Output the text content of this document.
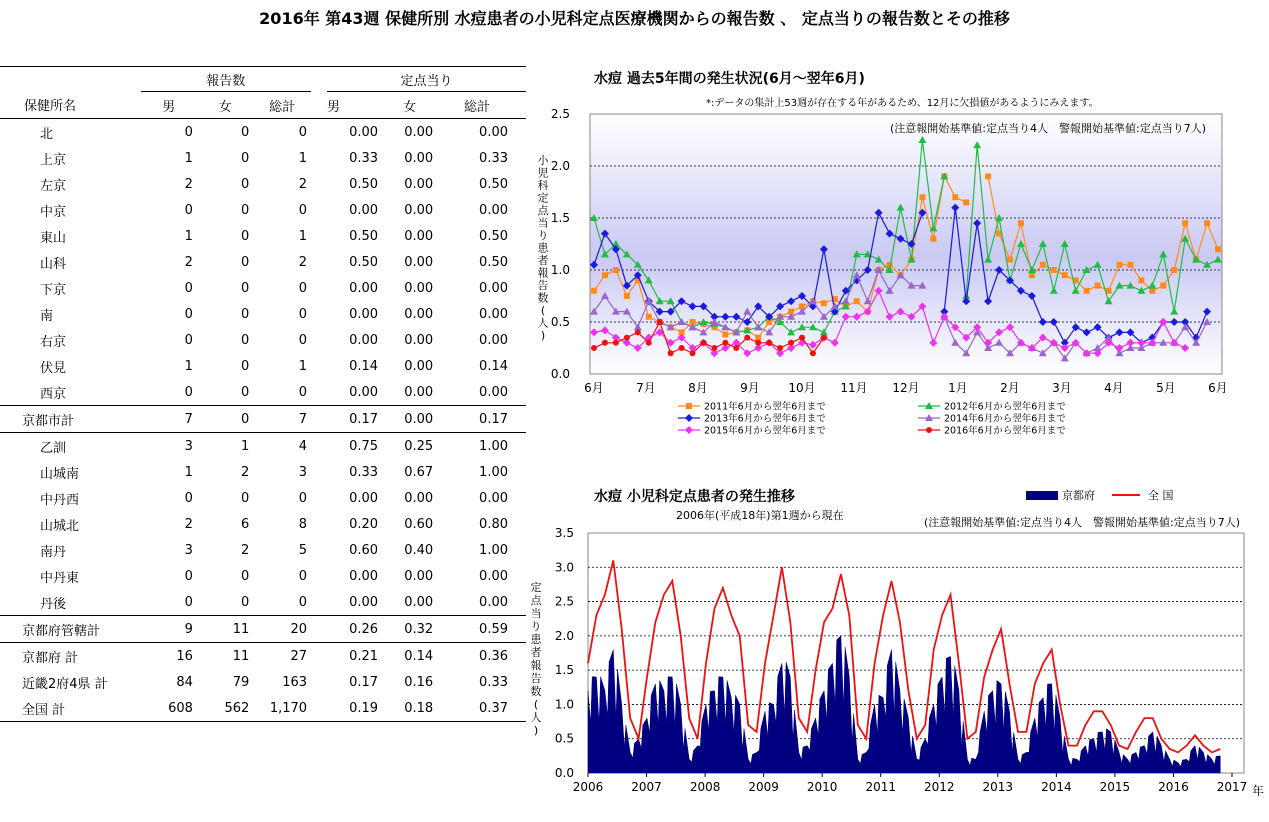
2016年 第43週 保健所別 水痘患者の小児科定点医療機関からの報告数 、 定点当りの報告数とその推移
	報告数				定点当り		
保健所名	男	女	総計		男	女	総計
北	0	0	0		0.00	0.00	0.00
上京	1	0	1		0.33	0.00	0.33
左京	2	0	2		0.50	0.00	0.50
中京	0	0	0		0.00	0.00	0.00
東山	1	0	1		0.50	0.00	0.50
山科	2	0	2		0.50	0.00	0.50
下京	0	0	0		0.00	0.00	0.00
南	0	0	0		0.00	0.00	0.00
右京	0	0	0		0.00	0.00	0.00
伏見	1	0	1		0.14	0.00	0.14
西京	0	0	0		0.00	0.00	0.00
京都市計	7	0	7		0.17	0.00	0.17
乙訓	3	1	4		0.75	0.25	1.00
山城南	1	2	3		0.33	0.67	1.00
中丹西	0	0	0		0.00	0.00	0.00
山城北	2	6	8		0.20	0.60	0.80
南丹	3	2	5		0.60	0.40	1.00
中丹東	0	0	0		0.00	0.00	0.00
丹後	0	0	0		0.00	0.00	0.00
京都府管轄計	9	11	20		0.26	0.32	0.59
京都府 計	16	11	27		0.21	0.14	0.36
近畿2府4県 計	84	79	163		0.17	0.16	0.33
全国 計	608	562	1,170		0.19	0.18	0.37
水痘 過去5年間の発生状況(6月～翌年6月)
*:データの集計上53週が存在する年があるため、12月に欠損値があるようにみえます。
0.0
0.5
1.0
1.5
2.0
2.5
6月	7月	8月	9月 10月 11月 12月 1月	2月	3月	4月	5月	6月
(注意報開始基準値:定点当り4人　警報開始基準値:定点当り7人)
小
児
科
定
点
当
り
患
者
報
告
数
(
人
)
2011年6月から翌年6月まで	2012年6月から翌年6月まで
2013年6月から翌年6月まで	2014年6月から翌年6月まで
2015年6月から翌年6月まで	2016年6月から翌年6月まで
水痘 小児科定点患者の発生推移
2006年(平成18年)第1週から現在
0.0
0.5
1.0
1.5
2.0
2.5
3.0
3.5
2006 2007 2008 2009 2010 2011 2012 2013 2014 2015 2016 2017 年
(注意報開始基準値:定点当り4人　警報開始基準値:定点当り7人)
京都府	全 国
定
点
当
り
患
者
報
告
数
(
人
)
